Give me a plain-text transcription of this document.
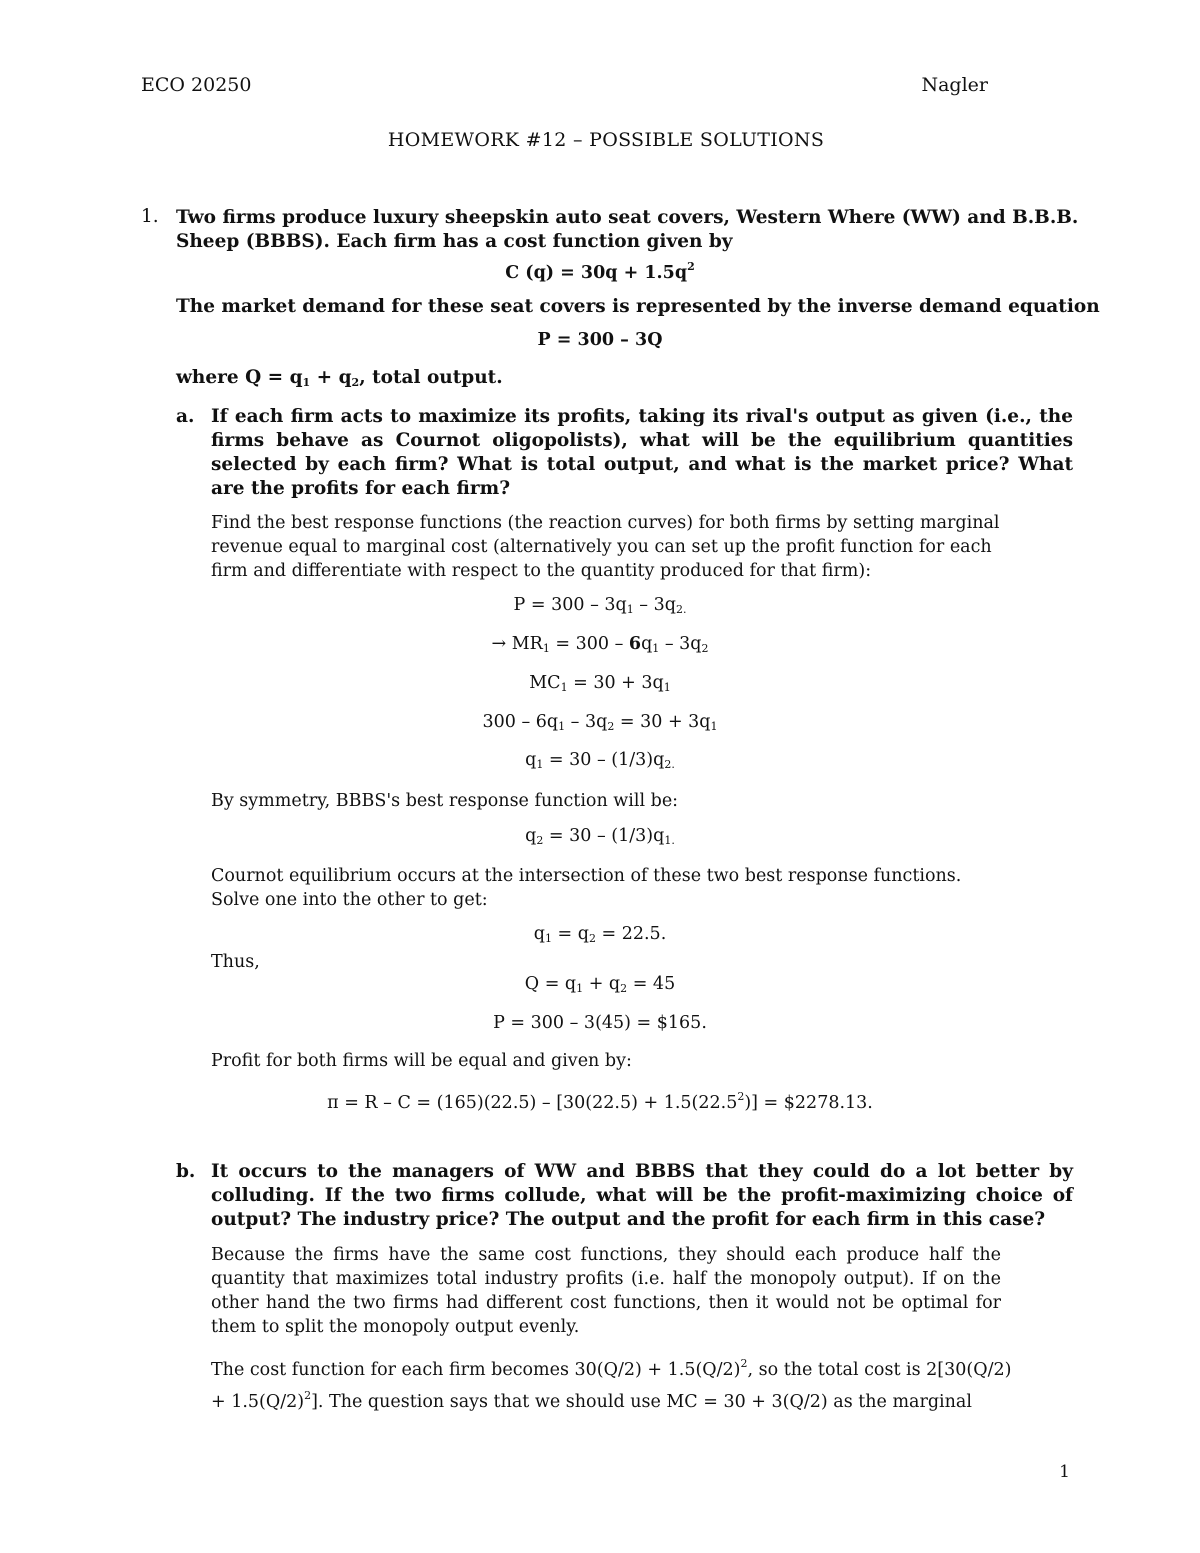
ECO 20250	Nagler
HOMEWORK #12 – POSSIBLE SOLUTIONS
1. Two firms produce luxury sheepskin auto seat covers, Western Where (WW) and B.B.B.
Sheep (BBBS). Each firm has a cost function given by
C $(q) = 30q + 1.5q^2$
The market demand for these seat covers is represented by the inverse demand equation
P = 300 – 3Q
where $Q = q_1 + q_2$, total output.
a. If each firm acts to maximize its profits, taking its rival's output as given (i.e., the firms behave as Cournot oligopolists), what will be the equilibrium quantities selected by each firm? What is total output, and what is the market price? What are the profits for each firm?
Find the best response functions (the reaction curves) for both firms by setting marginal revenue equal to marginal cost (alternatively you can set up the profit function for each firm and differentiate with respect to the quantity produced for that firm):
$P = 300 - 3q_1 - 3q_{2.}$
→ $MR_1 = 300 - 6q_1 - 3q_2$
$MC_1 = 30 + 3q_1$
$300 - 6q_1 - 3q_2 = 30 + 3q_1$
$q_1 = 30 - (1/3)q_{2.}$
By symmetry, BBBS's best response function will be:
$q_2 = 30 - (1/3)q_{1.}$
Cournot equilibrium occurs at the intersection of these two best response functions.
Solve one into the other to get:
$q_1 = q_2 = 22.5$.
Thus,
$Q = q_1 + q_2 = 45$
P = 300 – 3(45) = $165.
Profit for both firms will be equal and given by:
$\pi = R - C = (165)(22.5) - [30(22.5) + 1.5(22.5^2)]$ = $2278.13.
b. It occurs to the managers of WW and BBBS that they could do a lot better by colluding. If the two firms collude, what will be the profit-maximizing choice of output? The industry price? The output and the profit for each firm in this case?
Because the firms have the same cost functions, they should each produce half the quantity that maximizes total industry profits (i.e. half the monopoly output). If on the other hand the two firms had different cost functions, then it would not be optimal for them to split the monopoly output evenly.
The cost function for each firm becomes $30(Q/2) + 1.5(Q/2)^2$, so the total cost is 2[30(Q/2)
+ $1.5(Q/2)^2$]. The question says that we should use MC = 30 + 3(Q/2) as the marginal
1
